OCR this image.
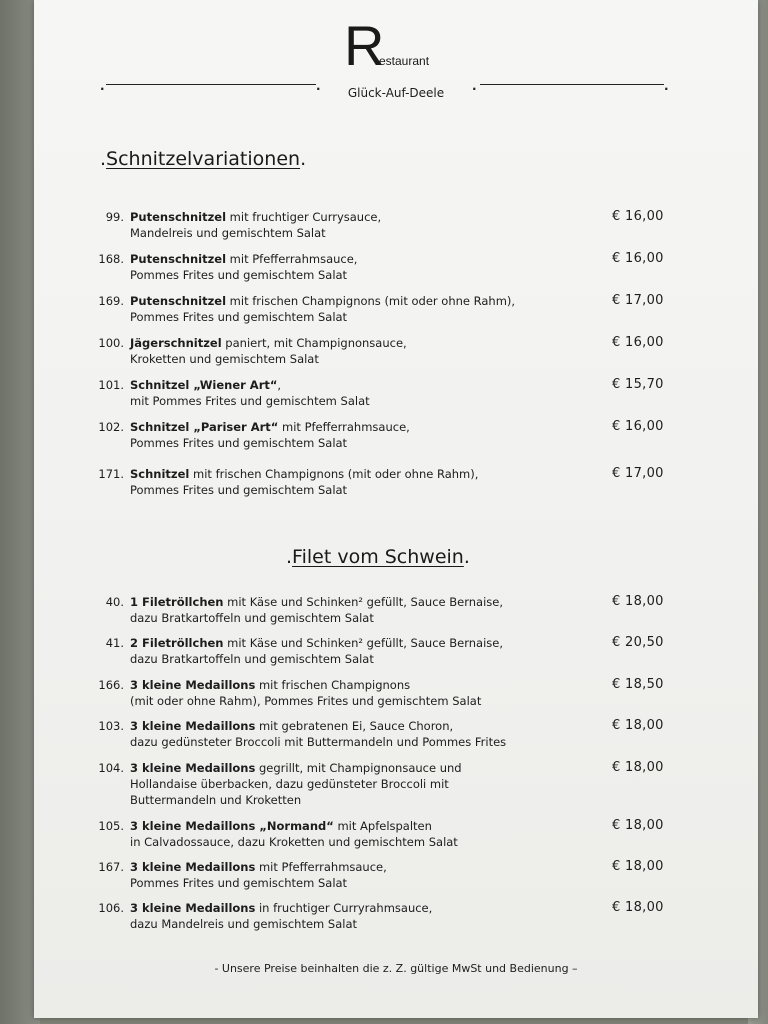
.	.
R
estaurant
.	.
Glück-Auf-Deele
.Schnitzelvariationen.
99. Putenschnitzel mit fruchtiger Currysauce,
Mandelreis und gemischtem Salat
€ 16,00
168. Putenschnitzel mit Pfefferrahmsauce,
Pommes Frites und gemischtem Salat
€ 16,00
169. Putenschnitzel mit frischen Champignons (mit oder ohne Rahm),
Pommes Frites und gemischtem Salat
€ 17,00
100. Jägerschnitzel paniert, mit Champignonsauce,
Kroketten und gemischtem Salat
€ 16,00
101. Schnitzel „Wiener Art“,
mit Pommes Frites und gemischtem Salat
€ 15,70
102. Schnitzel „Pariser Art“ mit Pfefferrahmsauce,
Pommes Frites und gemischtem Salat
€ 16,00
171. Schnitzel mit frischen Champignons (mit oder ohne Rahm),
Pommes Frites und gemischtem Salat
€ 17,00
.Filet vom Schwein.
40. 1 Filetröllchen mit Käse und Schinken² gefüllt, Sauce Bernaise,
dazu Bratkartoffeln und gemischtem Salat
€ 18,00
41. 2 Filetröllchen mit Käse und Schinken² gefüllt, Sauce Bernaise,
dazu Bratkartoffeln und gemischtem Salat
€ 20,50
166. 3 kleine Medaillons mit frischen Champignons
(mit oder ohne Rahm), Pommes Frites und gemischtem Salat
€ 18,50
103. 3 kleine Medaillons mit gebratenen Ei, Sauce Choron,
dazu gedünsteter Broccoli mit Buttermandeln und Pommes Frites
€ 18,00
104. 3 kleine Medaillons gegrillt, mit Champignonsauce und
Hollandaise überbacken, dazu gedünsteter Broccoli mit
Buttermandeln und Kroketten
€ 18,00
105. 3 kleine Medaillons „Normand“ mit Apfelspalten
in Calvadossauce, dazu Kroketten und gemischtem Salat
€ 18,00
167. 3 kleine Medaillons mit Pfefferrahmsauce,
Pommes Frites und gemischtem Salat
€ 18,00
106. 3 kleine Medaillons in fruchtiger Curryrahmsauce,
dazu Mandelreis und gemischtem Salat
€ 18,00
- Unsere Preise beinhalten die z. Z. gültige MwSt und Bedienung –
